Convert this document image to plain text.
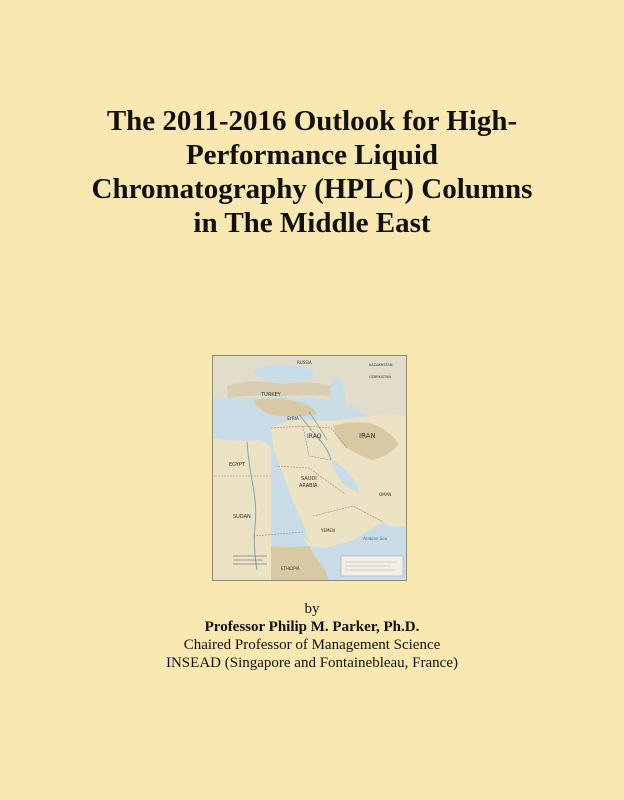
The 2011-2016 Outlook for High-
Performance Liquid
Chromatography (HPLC) Columns
in The Middle East
RUSSIA	KAZAKHSTAN
UZBEKISTAN
TURKEY
SYRIA
IRAQ	IRAN
EGYPT
SAUDI
ARABIA
OMAN
SUDAN
YEMEN
Arabian Sea
ETHIOPIA
by
Professor Philip M. Parker, Ph.D.
Chaired Professor of Management Science
INSEAD (Singapore and Fontainebleau, France)
